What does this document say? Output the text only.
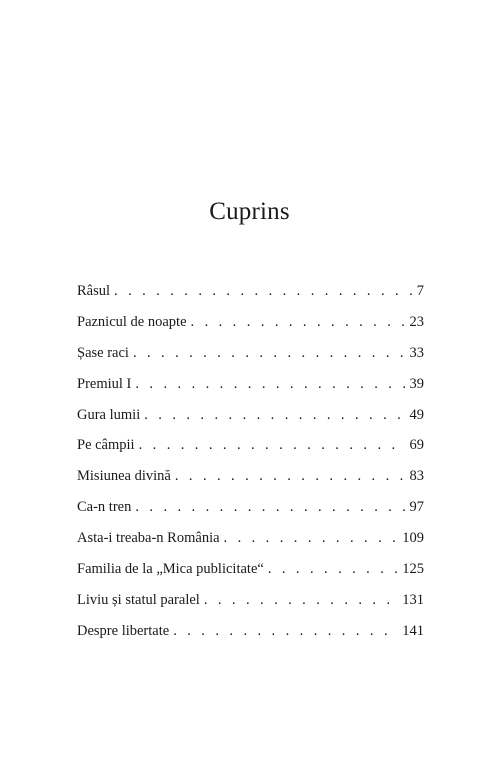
Cuprins
Râsul . . .	7
Paznicul de noapte . . .	23
Șase raci . . .	33
Premiul I . . .	39
Gura lumii . . .	49
Pe câmpii . . .	69
Misiunea divină . . .	83
Ca-n tren . . .	97
Asta-i treaba-n România . . .	109
Familia de la „Mica publicitate“ . . .	125
Liviu și statul paralel . . .	131
Despre libertate . . .	141
